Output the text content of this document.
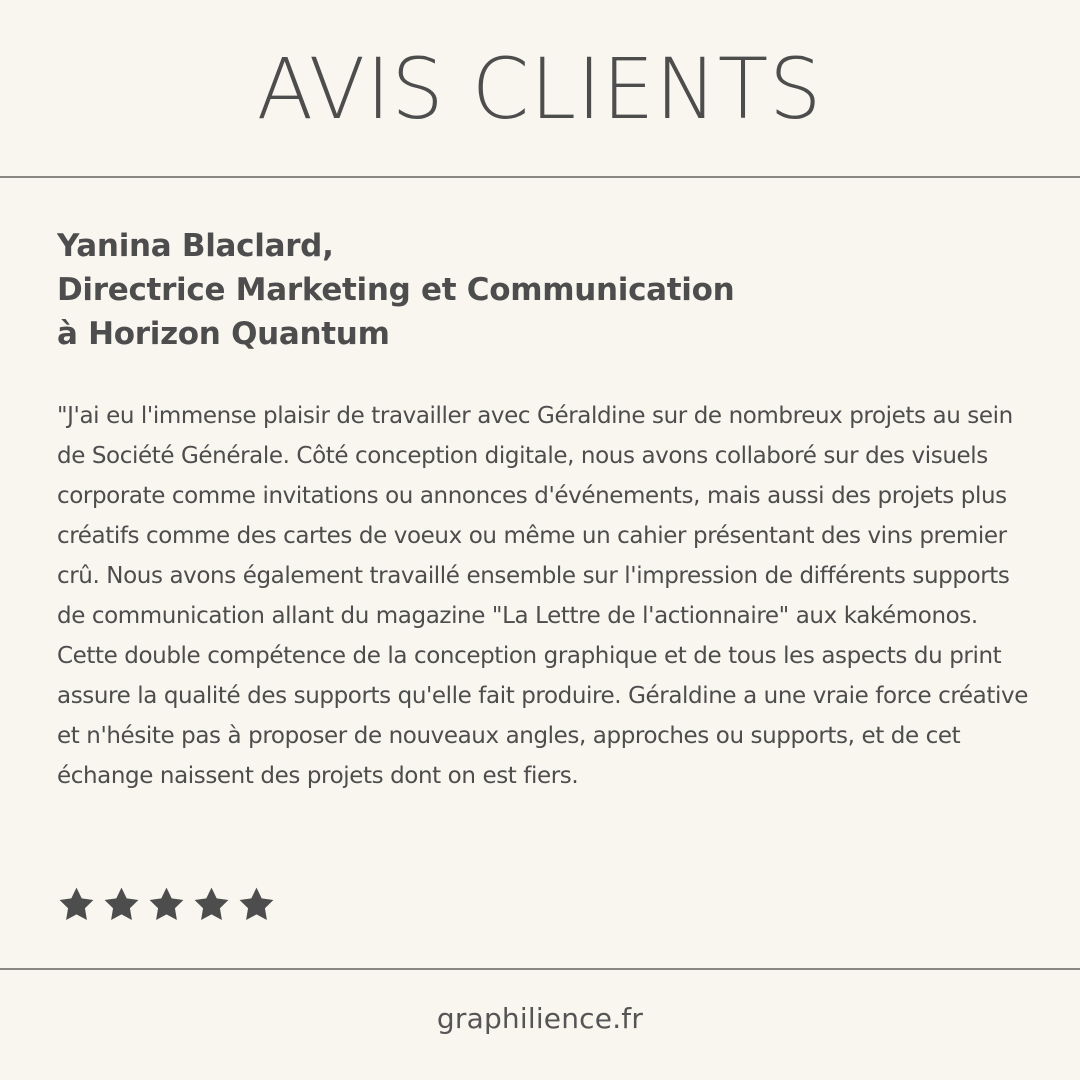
AVIS CLIENTS
Yanina Blaclard,
Directrice Marketing et Communication
à Horizon Quantum

"J'ai eu l'immense plaisir de travailler avec Géraldine sur de nombreux projets au sein de Société Générale. Côté conception digitale, nous avons collaboré sur des visuels corporate comme invitations ou annonces d'événements, mais aussi des projets plus créatifs comme des cartes de voeux ou même un cahier présentant des vins premier crû. Nous avons également travaillé ensemble sur l'impression de différents supports de communication allant du magazine "La Lettre de l'actionnaire" aux kakémonos. Cette double compétence de la conception graphique et de tous les aspects du print assure la qualité des supports qu'elle fait produire. Géraldine a une vraie force créative et n'hésite pas à proposer de nouveaux angles, approches ou supports, et de cet échange naissent des projets dont on est fiers.

graphilience.fr
